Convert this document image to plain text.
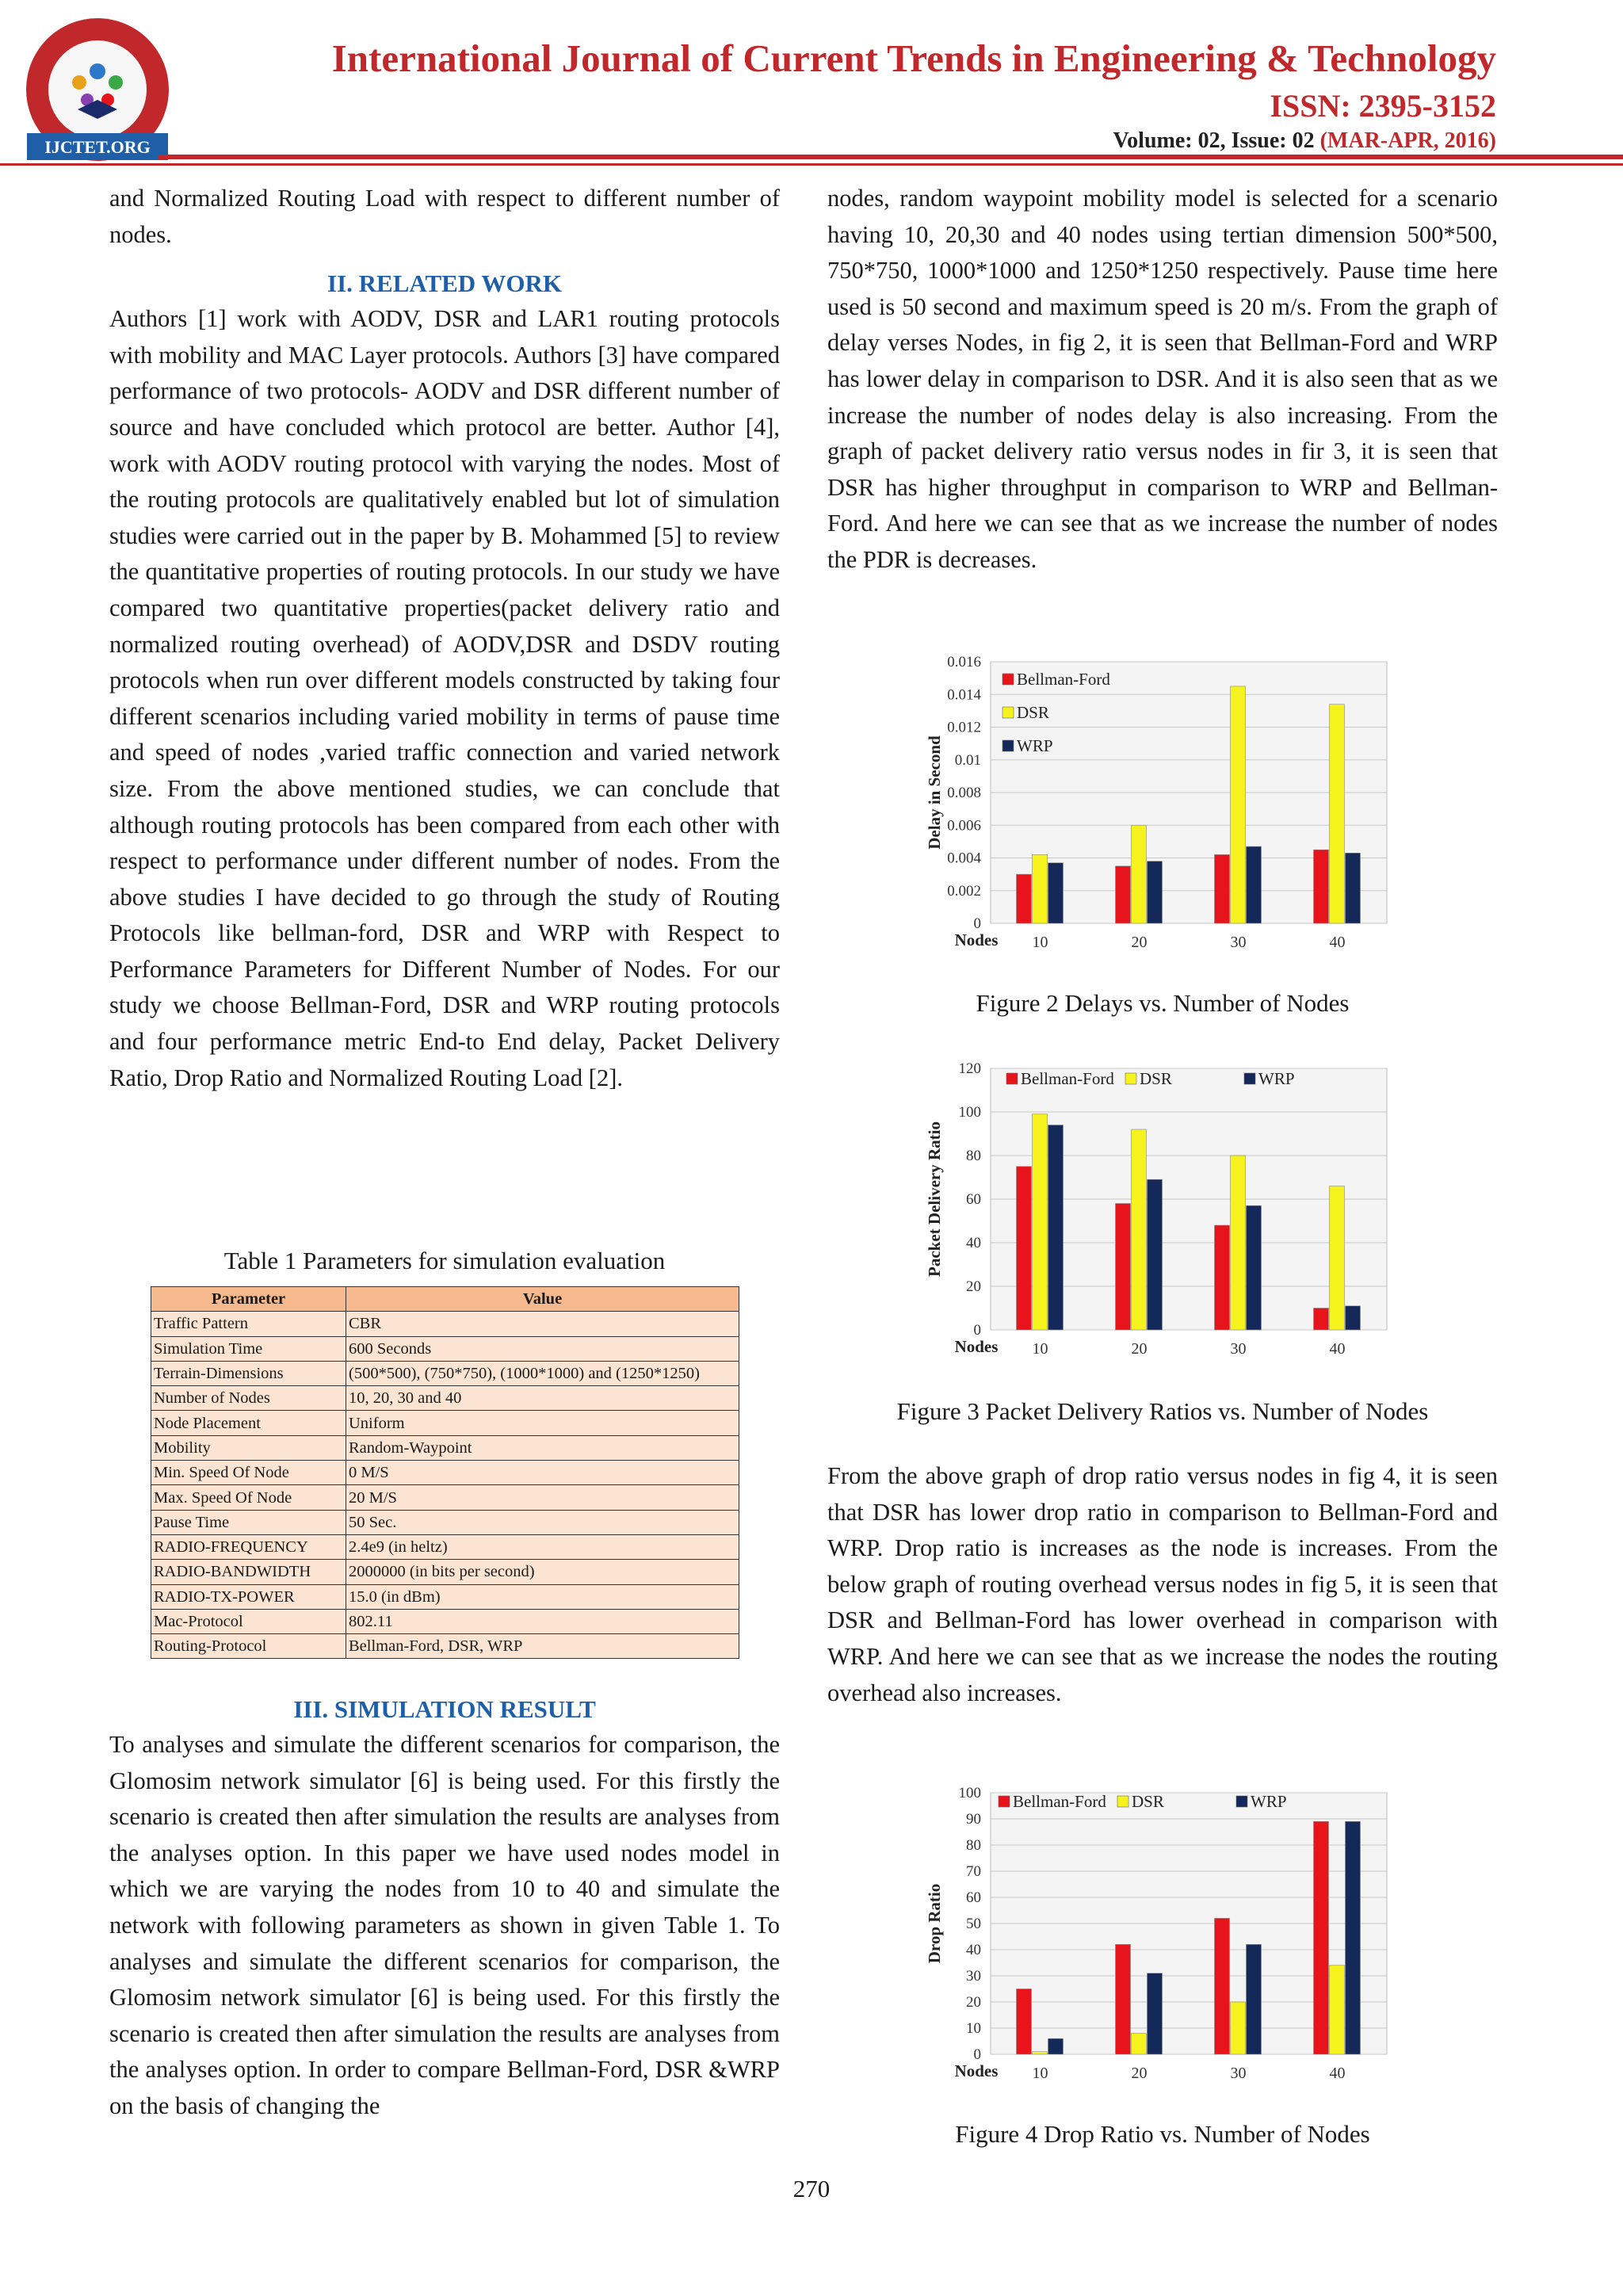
IJCTET.ORG
International Journal of Current Trends in Engineering & Technology
ISSN: 2395-3152
Volume: 02, Issue: 02 (MAR-APR, 2016)

and Normalized Routing Load with respect to different number of nodes.

II. RELATED WORK

Authors [1] work with AODV, DSR and LAR1 routing protocols with mobility and MAC Layer protocols. Authors [3] have compared performance of two protocols- AODV and DSR different number of source and have concluded which protocol are better. Author [4], work with AODV routing protocol with varying the nodes. Most of the routing protocols are qualitatively enabled but lot of simulation studies were carried out in the paper by B. Mohammed [5] to review the quantitative properties of routing protocols. In our study we have compared two quantitative properties(packet delivery ratio and normalized routing overhead) of AODV,DSR and DSDV routing protocols when run over different models constructed by taking four different scenarios including varied mobility in terms of pause time and speed of nodes ,varied traffic connection and varied network size. From the above mentioned studies, we can conclude that although routing protocols has been compared from each other with respect to performance under different number of nodes. From the above studies I have decided to go through the study of Routing Protocols like bellman-ford, DSR and WRP with Respect to Performance Parameters for Different Number of Nodes. For our study we choose Bellman-Ford, DSR and WRP routing protocols and four performance metric End-to End delay, Packet Delivery Ratio, Drop Ratio and Normalized Routing Load [2].

Table 1 Parameters for simulation evaluation
Parameter	Value
Traffic Pattern	CBR
Simulation Time	600 Seconds
Terrain-Dimensions	(500*500), (750*750), (1000*1000) and (1250*1250)
Number of Nodes	10, 20, 30 and 40
Node Placement	Uniform
Mobility	Random-Waypoint
Min. Speed Of Node	0 M/S
Max. Speed Of Node	20 M/S
Pause Time	50 Sec.
RADIO-FREQUENCY	2.4e9 (in heltz)
RADIO-BANDWIDTH	2000000 (in bits per second)
RADIO-TX-POWER	15.0 (in dBm)
Mac-Protocol	802.11
Routing-Protocol	Bellman-Ford, DSR, WRP
III. SIMULATION RESULT

To analyses and simulate the different scenarios for comparison, the Glomosim network simulator [6] is being used. For this firstly the scenario is created then after simulation the results are analyses from the analyses option. In this paper we have used nodes model in which we are varying the nodes from 10 to 40 and simulate the network with following parameters as shown in given Table 1. To analyses and simulate the different scenarios for comparison, the Glomosim network simulator [6] is being used. For this firstly the scenario is created then after simulation the results are analyses from the analyses option. In order to compare Bellman-Ford, DSR &WRP on the basis of changing the

nodes, random waypoint mobility model is selected for a scenario having 10, 20,30 and 40 nodes using tertian dimension 500*500, 750*750, 1000*1000 and 1250*1250 respectively. Pause time here used is 50 second and maximum speed is 20 m/s. From the graph of delay verses Nodes, in fig 2, it is seen that Bellman-Ford and WRP has lower delay in comparison to DSR. And it is also seen that as we increase the number of nodes delay is also increasing. From the graph of packet delivery ratio versus nodes in fir 3, it is seen that DSR has higher throughput in comparison to WRP and Bellman-Ford. And here we can see that as we increase the number of nodes the PDR is decreases.

0
0.002
0.004
0.006
0.008
0.01
0.012
0.014
0.016
Delay in Second
10	20	30	40
Nodes
Bellman-Ford
DSR
WRP
Figure 2 Delays vs. Number of Nodes
0
20
40
60
80
100
120
Packet Delivery Ratio
10	20	30	40
Nodes
Bellman-Ford DSR	WRP
Figure 3 Packet Delivery Ratios vs. Number of Nodes

From the above graph of drop ratio versus nodes in fig 4, it is seen that DSR has lower drop ratio in comparison to Bellman-Ford and WRP. Drop ratio is increases as the node is increases. From the below graph of routing overhead versus nodes in fig 5, it is seen that DSR and Bellman-Ford has lower overhead in comparison with WRP. And here we can see that as we increase the nodes the routing overhead also increases.

0
10
20
30
40
50
60
70
80
90
100
Drop Ratio
10	20	30	40
Nodes
Bellman-Ford DSR	WRP
Figure 4 Drop Ratio vs. Number of Nodes
270
